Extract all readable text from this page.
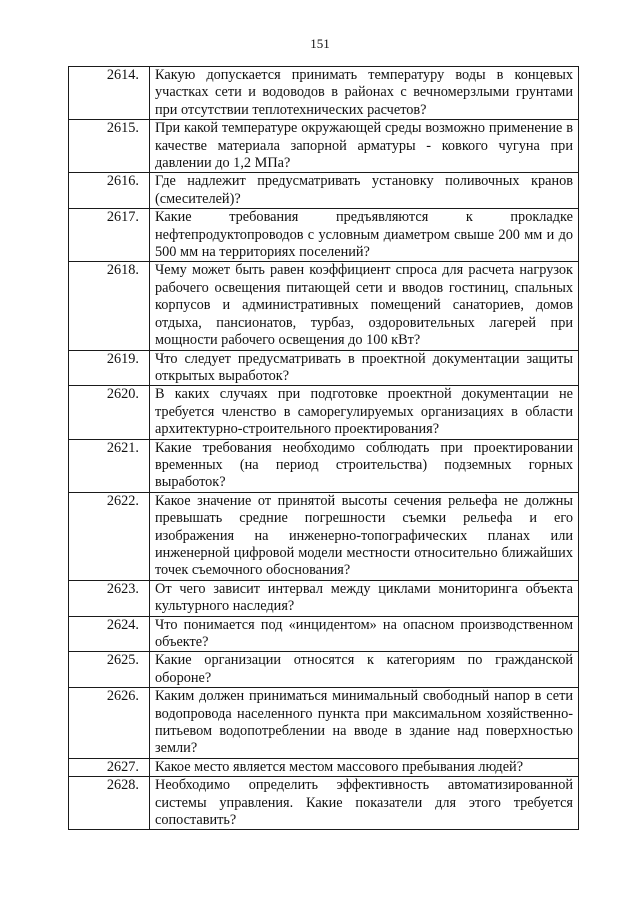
151
2614.	Какую допускается принимать температуру воды в концевых участках сети и водоводов в районах с вечномерзлыми грунтами при отсутствии теплотехнических расчетов?
2615.	При какой температуре окружающей среды возможно применение в качестве материала запорной арматуры - ковкого чугуна при давлении до 1,2 МПа?
2616.	Где надлежит предусматривать установку поливочных кранов (смесителей)?
2617.	Какие требования предъявляются к прокладке нефтепродуктопроводов с условным диаметром свыше 200 мм и до 500 мм на территориях поселений?
2618.	Чему может быть равен коэффициент спроса для расчета нагрузок рабочего освещения питающей сети и вводов гостиниц, спальных корпусов и административных помещений санаториев, домов отдыха, пансионатов, турбаз, оздоровительных лагерей при мощности рабочего освещения до 100 кВт?
2619.	Что следует предусматривать в проектной документации защиты открытых выработок?
2620.	В каких случаях при подготовке проектной документации не требуется членство в саморегулируемых организациях в области архитектурно-строительного проектирования?
2621.	Какие требования необходимо соблюдать при проектировании временных (на период строительства) подземных горных выработок?
2622.	Какое значение от принятой высоты сечения рельефа не должны превышать средние погрешности съемки рельефа и его изображения на инженерно-топографических планах или инженерной цифровой модели местности относительно ближайших точек съемочного обоснования?
2623.	От чего зависит интервал между циклами мониторинга объекта культурного наследия?
2624.	Что понимается под «инцидентом» на опасном производственном объекте?
2625.	Какие организации относятся к категориям по гражданской обороне?
2626.	Каким должен приниматься минимальный свободный напор в сети водопровода населенного пункта при максимальном хозяйственно-питьевом водопотреблении на вводе в здание над поверхностью земли?
2627.	Какое место является местом массового пребывания людей?
2628.	Необходимо определить эффективность автоматизированной системы управления. Какие показатели для этого требуется сопоставить?
